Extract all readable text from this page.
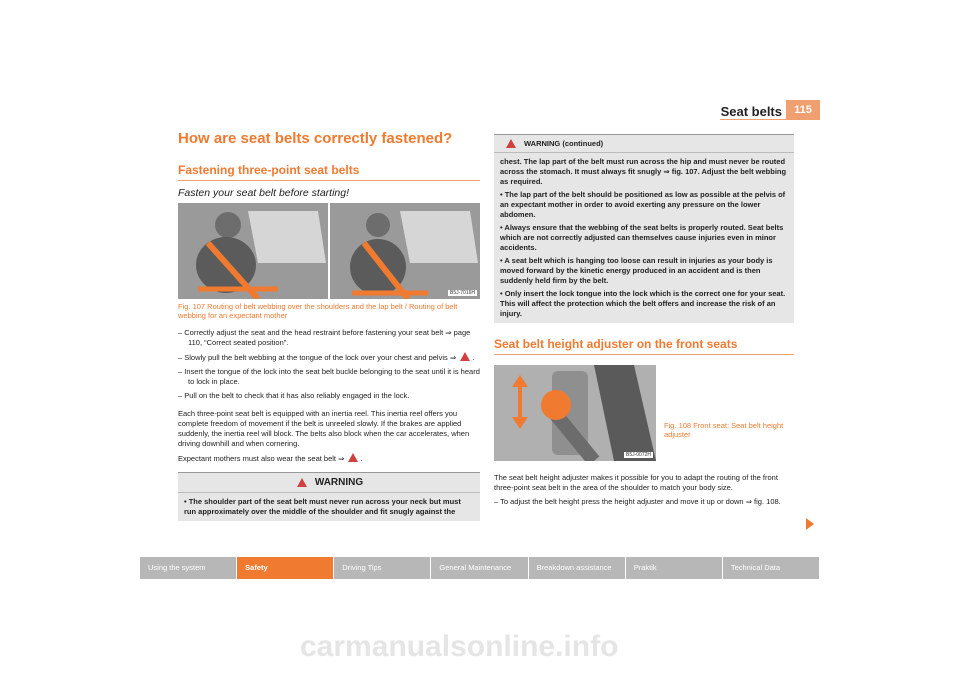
Seat belts	115
How are seat belts correctly fastened?
Fastening three-point seat belts

Fasten your seat belt before starting!

B5J-7016H

Fig. 107 Routing of belt webbing over the shoulders and the lap belt / Routing of belt webbing for an expectant mother

– Correctly adjust the seat and the head restraint before fastening your seat belt ⇒ page 110, “Correct seated position”.

– Slowly pull the belt webbing at the tongue of the lock over your chest and pelvis ⇒ .

– Insert the tongue of the lock into the seat belt buckle belonging to the seat until it is heard to lock in place.

– Pull on the belt to check that it has also reliably engaged in the lock.

Each three-point seat belt is equipped with an inertia reel. This inertia reel offers you complete freedom of movement if the belt is unreeled slowly. If the brakes are applied suddenly, the inertia reel will block. The belts also block when the car accelerates, when driving downhill and when cornering.

Expectant mothers must also wear the seat belt ⇒ .

WARNING
• The shoulder part of the seat belt must never run across your neck but must run approximately over the middle of the shoulder and fit snugly against the
WARNING (continued)
chest. The lap part of the belt must run across the hip and must never be routed across the stomach. It must always fit snugly ⇒ fig. 107. Adjust the belt webbing as required.
• The lap part of the belt should be positioned as low as possible at the pelvis of an expectant mother in order to avoid exerting any pressure on the lower abdomen.
• Always ensure that the webbing of the seat belts is properly routed. Seat belts which are not correctly adjusted can themselves cause injuries even in minor accidents.
• A seat belt which is hanging too loose can result in injuries as your body is moved forward by the kinetic energy produced in an accident and is then suddenly held firm by the belt.
• Only insert the lock tongue into the lock which is the correct one for your seat. This will affect the protection which the belt offers and increase the risk of an injury.
Seat belt height adjuster on the front seats
B5J-0072H

Fig. 108 Front seat: Seat belt height adjuster

The seat belt height adjuster makes it possible for you to adapt the routing of the front three-point seat belt in the area of the shoulder to match your body size.

– To adjust the belt height press the height adjuster and move it up or down ⇒ fig. 108.

Using the system	Safety	Driving Tips	General Maintenance	Breakdown assistance	Praktik	Technical Data
carmanualsonline.info
